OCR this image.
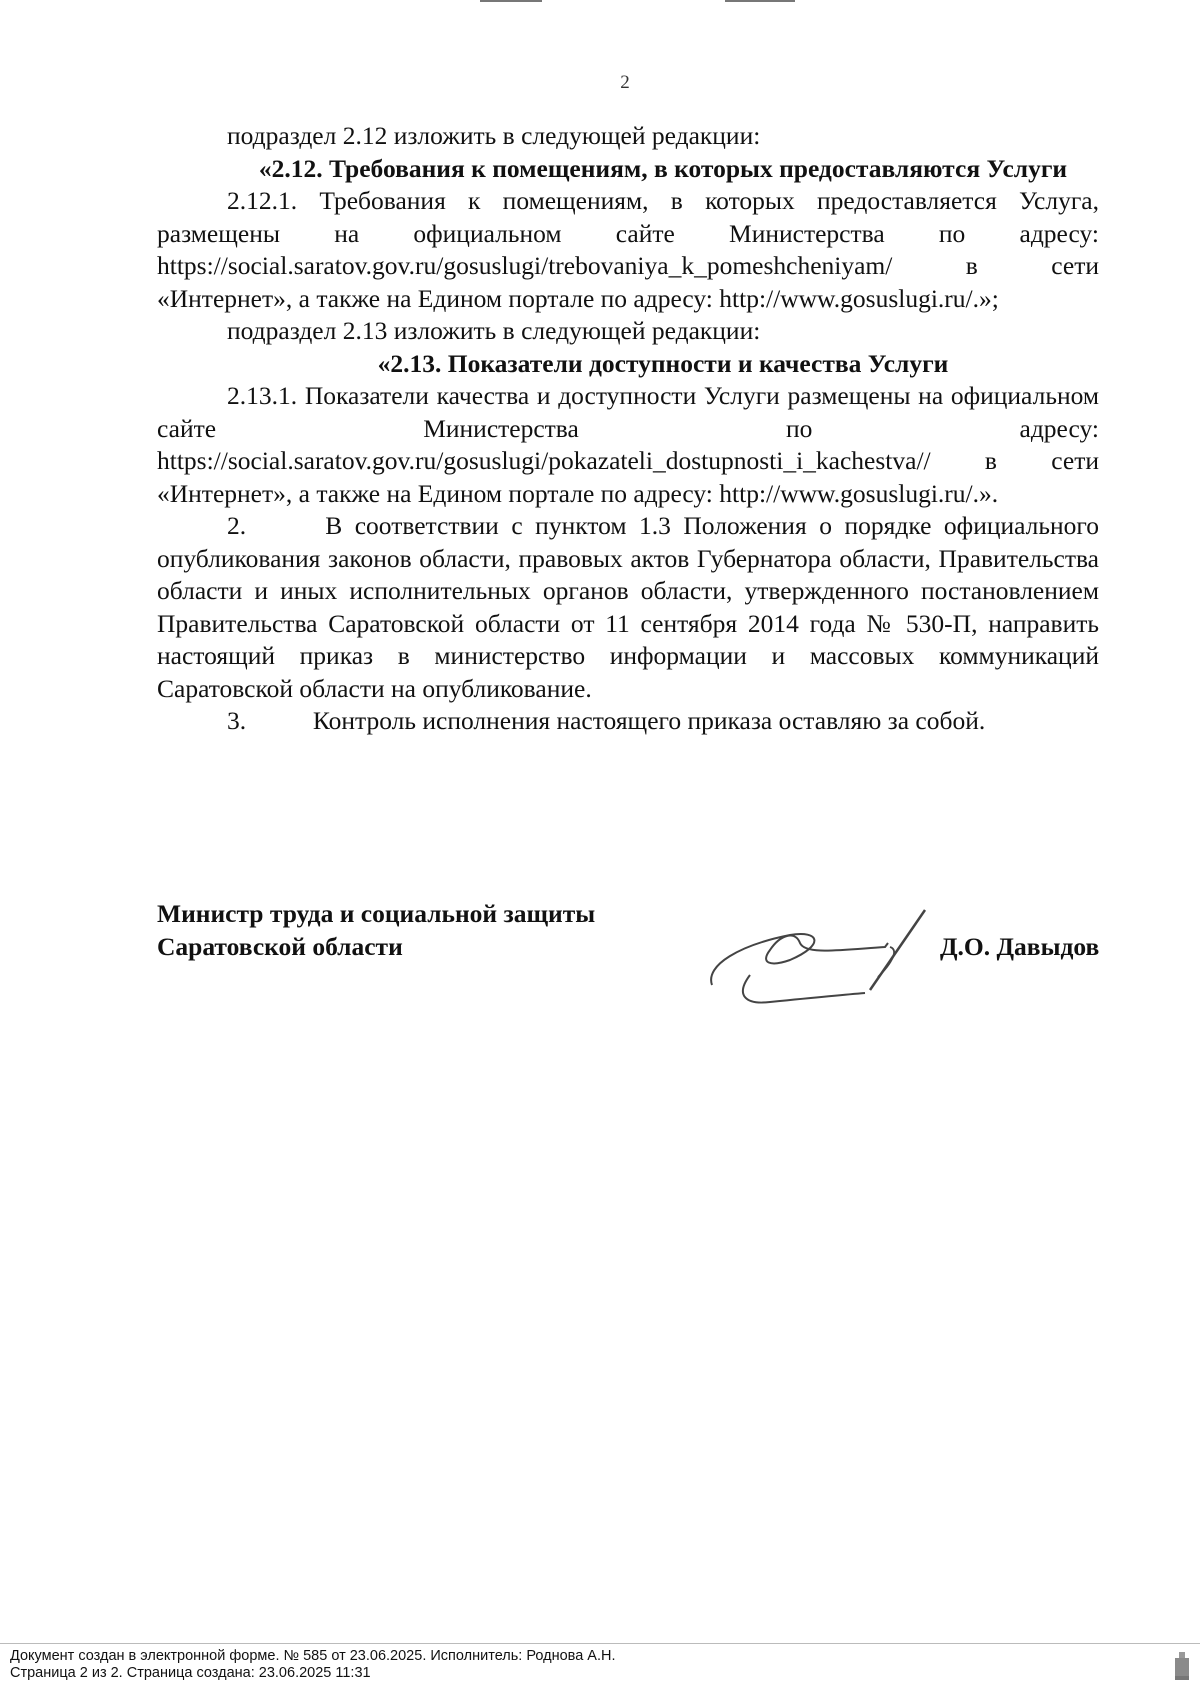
2

подраздел 2.12 изложить в следующей редакции:

«2.12. Требования к помещениям, в которых предоставляются Услуги

2.12.1. Требования к помещениям, в которых предоставляется Услуга, размещены на официальном сайте Министерства по адресу: https://social.saratov.gov.ru/gosuslugi/trebovaniya_k_pomeshcheniyam/ в сети «Интернет», а также на Едином портале по адресу: http://www.gosuslugi.ru/.»;

подраздел 2.13 изложить в следующей редакции:

«2.13. Показатели доступности и качества Услуги

2.13.1. Показатели качества и доступности Услуги размещены на официальном сайте Министерства по адресу: https://social.saratov.gov.ru/gosuslugi/pokazateli_dostupnosti_i_kachestva// в сети «Интернет», а также на Едином портале по адресу: http://www.gosuslugi.ru/.».

2.	В соответствии с пунктом 1.3 Положения о порядке официального опубликования законов области, правовых актов Губернатора области, Правительства области и иных исполнительных органов области, утвержденного постановлением Правительства Саратовской области от 11 сентября 2014 года № 530-П, направить настоящий приказ в министерство информации и массовых коммуникаций Саратовской области на опубликование.

3.	Контроль исполнения настоящего приказа оставляю за собой.

Министр труда и социальной защиты
Саратовской области	Д.О. Давыдов
Документ создан в электронной форме. № 585 от 23.06.2025. Исполнитель: Роднова А.Н.
Страница 2 из 2. Страница создана: 23.06.2025 11:31
